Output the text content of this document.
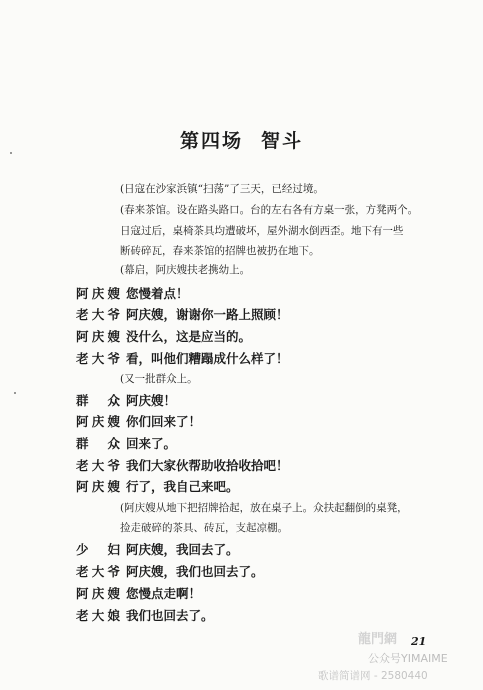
第四场 智斗
(日寇在沙家浜镇“扫荡”了三天，已经过境。
(春来茶馆。设在路头路口。台的左右各有方桌一张，方凳两个。
日寇过后，桌椅茶具均遭破坏，屋外湖水倒西歪。地下有一些
断砖碎瓦，春来茶馆的招牌也被扔在地下。
(幕启，阿庆嫂扶老携幼上。
阿庆嫂 您慢着点！
老大爷 阿庆嫂，谢谢你一路上照顾！
阿庆嫂 没什么，这是应当的。
老大爷 看，叫他们糟蹋成什么样了！
(又一批群众上。
群众 阿庆嫂！
阿庆嫂 你们回来了！
群众 回来了。
老大爷 我们大家伙帮助收拾收拾吧！
阿庆嫂 行了，我自己来吧。
(阿庆嫂从地下把招牌拾起，放在桌子上。众扶起翻倒的桌凳，
捡走破碎的茶具、砖瓦，支起凉棚。
少妇 阿庆嫂，我回去了。
老大爷 阿庆嫂，我们也回去了。
阿庆嫂 您慢点走啊！
老大娘 我们也回去了。
21
龍門網
公众号YIMAIME
歌谱简谱网 - 2580440
